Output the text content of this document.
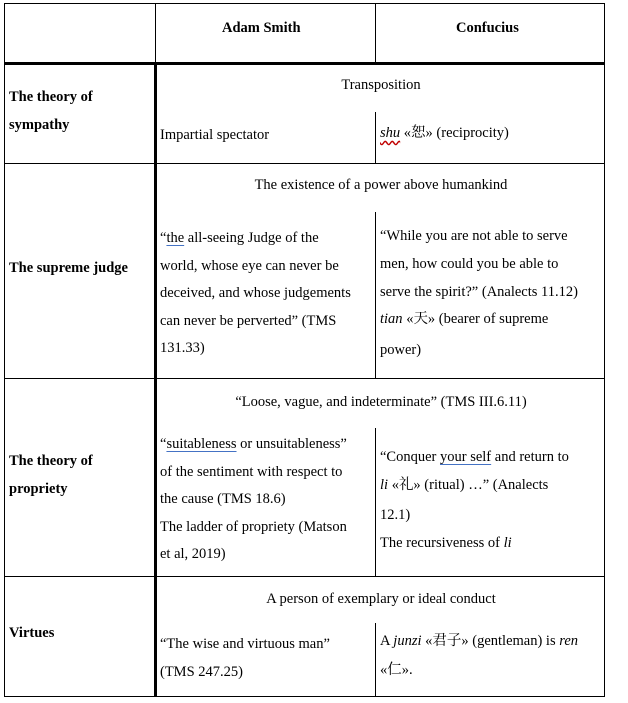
Adam Smith	Confucius
The theory of
sympathy
Transposition
Impartial spectator	shu «恕» (reciprocity)
The supreme judge
The existence of a power above humankind
“the all-seeing Judge of the
world, whose eye can never be
deceived, and whose judgements
can never be perverted” (TMS
131.33)
“While you are not able to serve
men, how could you be able to
serve the spirit?” (Analects 11.12)
tian «天» (bearer of supreme
power)
The theory of
propriety
“Loose, vague, and indeterminate” (TMS III.6.11)
“suitableness or unsuitableness”
of the sentiment with respect to
the cause (TMS 18.6)
The ladder of propriety (Matson
et al, 2019)
“Conquer your self and return to
li «礼» (ritual) …” (Analects
12.1)
The recursiveness of li
Virtues
A person of exemplary or ideal conduct
“The wise and virtuous man”
(TMS 247.25)
A junzi «君子» (gentleman) is ren
«仁».
